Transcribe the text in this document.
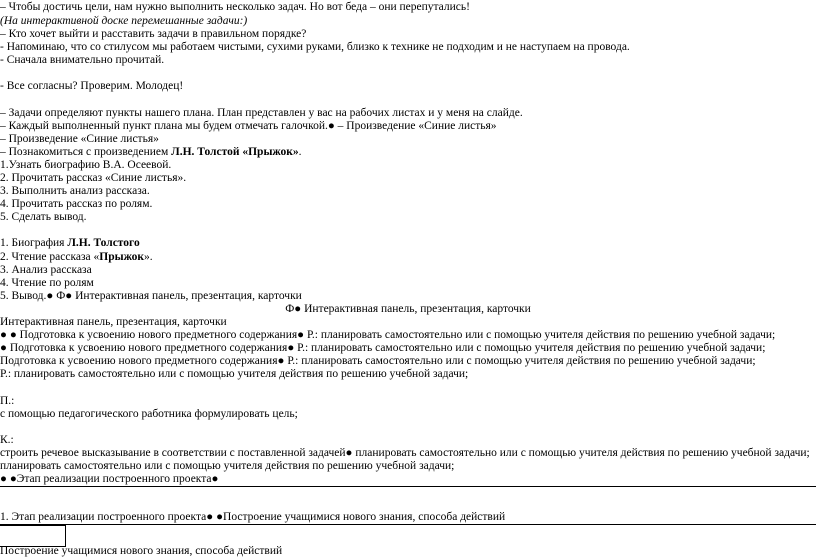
– Чтобы достичь цели, нам нужно выполнить несколько задач. Но вот беда – они перепутались!
(На интерактивной доске перемешанные задачи:)
– Кто хочет выйти и расставить задачи в правильном порядке?
- Напоминаю, что со стилусом мы работаем чистыми, сухими руками, близко к технике не подходим и не наступаем на провода.
- Сначала внимательно прочитай.
- Все согласны? Проверим. Молодец!
– Задачи определяют пункты нашего плана. План представлен у вас на рабочих листах и у меня на слайде.
– Каждый выполненный пункт плана мы будем отмечать галочкой.● – Произведение «Синие листья»
– Произведение «Синие листья»
– Познакомиться с произведением Л.Н. Толстой «Прыжок».
1.Узнать биографию В.А. Осеевой.
2. Прочитать рассказ «Синие листья».
3. Выполнить анализ рассказа.
4. Прочитать рассказ по ролям.
5. Сделать вывод.
1. Биография Л.Н. Толстого
2. Чтение рассказа «Прыжок».
3. Анализ рассказа
4. Чтение по ролям
5. Вывод.● Ф● Интерактивная панель, презентация, карточки
Ф● Интерактивная панель, презентация, карточки
Интерактивная панель, презентация, карточки
● ● Подготовка к усвоению нового предметного содержания● Р.: планировать самостоятельно или с помощью учителя действия по решению учебной задачи;
● Подготовка к усвоению нового предметного содержания● Р.: планировать самостоятельно или с помощью учителя действия по решению учебной задачи;
Подготовка к усвоению нового предметного содержания● Р.: планировать самостоятельно или с помощью учителя действия по решению учебной задачи;
Р.: планировать самостоятельно или с помощью учителя действия по решению учебной задачи;
П.:
с помощью педагогического работника формулировать цель;
К.:
строить речевое высказывание в соответствии с поставленной задачей● планировать самостоятельно или с помощью учителя действия по решению учебной задачи;
планировать самостоятельно или с помощью учителя действия по решению учебной задачи;
● ●Этап реализации построенного проекта●
1. Этап реализации построенного проекта● ●Построение учащимися нового знания, способа действий
Построение учащимися нового знания, способа действий
